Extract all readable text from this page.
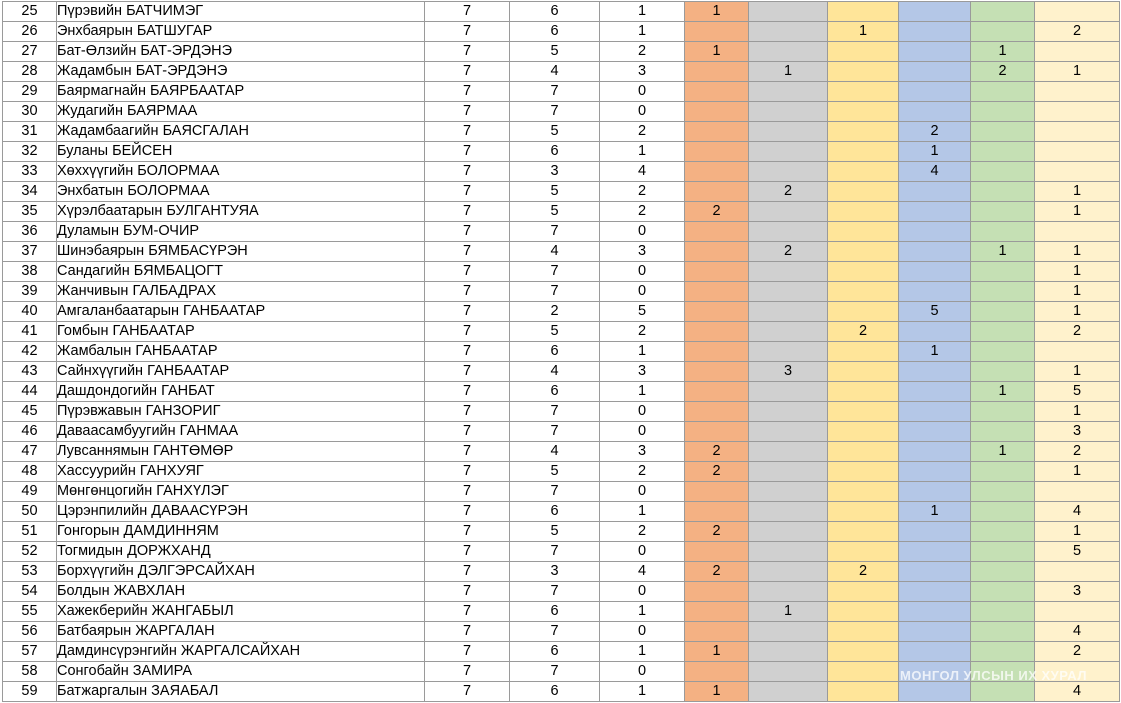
25	Пүрэвийн БАТЧИМЭГ	7	6	1	1					
26	Энхбаярын БАТШУГАР	7	6	1			1			2
27	Бат-Өлзийн БАТ-ЭРДЭНЭ	7	5	2	1				1	
28	Жадамбын БАТ-ЭРДЭНЭ	7	4	3		1			2	1
29	Баярмагнайн БАЯРБААТАР	7	7	0						
30	Жудагийн БАЯРМАА	7	7	0						
31	Жадамбаагийн БАЯСГАЛАН	7	5	2				2		
32	Буланы БЕЙСЕН	7	6	1				1		
33	Хөххүүгийн БОЛОРМАА	7	3	4				4		
34	Энхбатын БОЛОРМАА	7	5	2		2				1
35	Хүрэлбаатарын БУЛГАНТУЯА	7	5	2	2					1
36	Дуламын БУМ-ОЧИР	7	7	0						
37	Шинэбаярын БЯМБАСҮРЭН	7	4	3		2			1	1
38	Сандагийн БЯМБАЦОГТ	7	7	0						1
39	Жанчивын ГАЛБАДРАХ	7	7	0						1
40	Амгаланбаатарын ГАНБААТАР	7	2	5				5		1
41	Гомбын ГАНБААТАР	7	5	2			2			2
42	Жамбалын ГАНБААТАР	7	6	1				1		
43	Сайнхүүгийн ГАНБААТАР	7	4	3		3				1
44	Дашдондогийн ГАНБАТ	7	6	1					1	5
45	Пүрэвжавын ГАНЗОРИГ	7	7	0						1
46	Даваасамбуугийн ГАНМАА	7	7	0						3
47	Лувсаннямын ГАНТӨМӨР	7	4	3	2				1	2
48	Хассуурийн ГАНХУЯГ	7	5	2	2					1
49	Мөнгөнцогийн ГАНХҮЛЭГ	7	7	0						
50	Цэрэнпилийн ДАВААСҮРЭН	7	6	1				1		4
51	Гонгорын ДАМДИННЯМ	7	5	2	2					1
52	Тогмидын ДОРЖХАНД	7	7	0						5
53	Борхүүгийн ДЭЛГЭРСАЙХАН	7	3	4	2		2			
54	Болдын ЖАВХЛАН	7	7	0						3
55	Хажекберийн ЖАНГАБЫЛ	7	6	1		1				
56	Батбаярын ЖАРГАЛАН	7	7	0						4
57	Дамдинсүрэнгийн ЖАРГАЛСАЙХАН	7	6	1	1					2
58	Сонгобайн ЗАМИРА	7	7	0						
59	Батжаргалын ЗАЯАБАЛ	7	6	1	1					4
МОНГОЛ УЛСЫН ИХ ХУРАЛ
